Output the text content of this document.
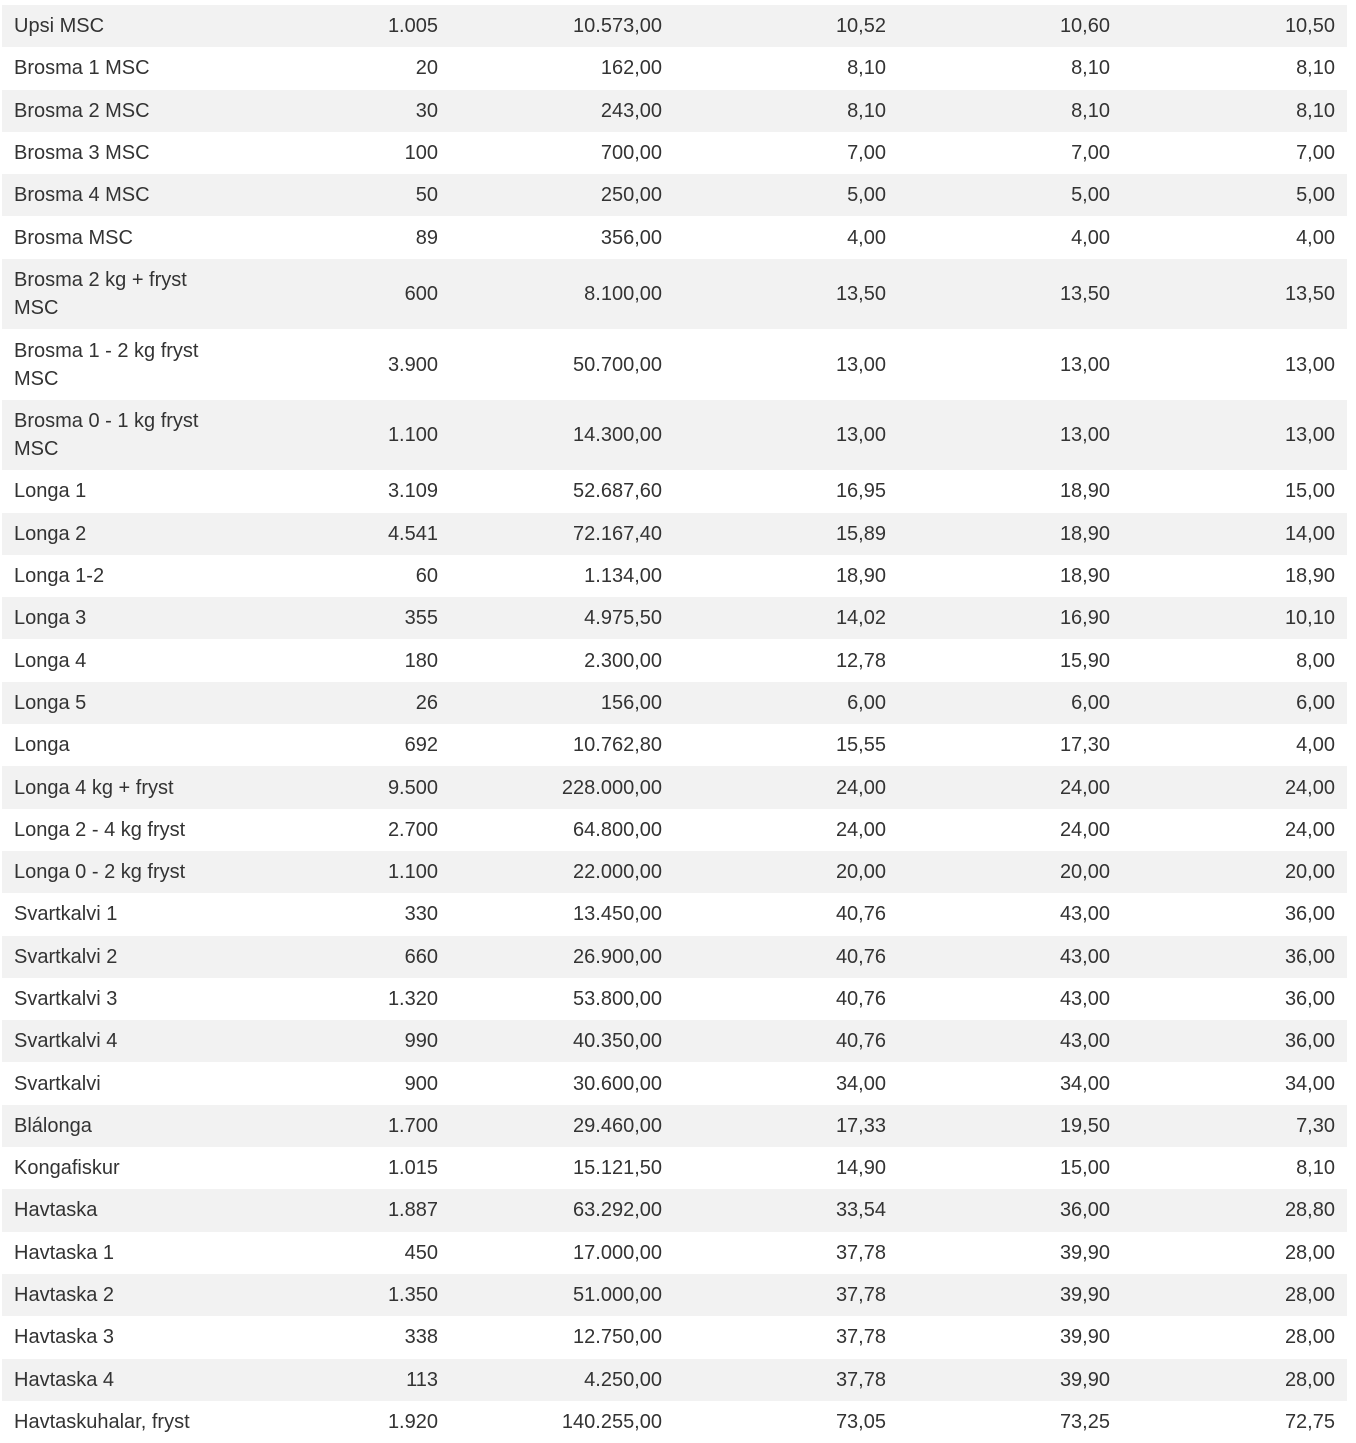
Upsi MSC	1.005	10.573,00	10,52	10,60	10,50
Brosma 1 MSC	20	162,00	8,10	8,10	8,10
Brosma 2 MSC	30	243,00	8,10	8,10	8,10
Brosma 3 MSC	100	700,00	7,00	7,00	7,00
Brosma 4 MSC	50	250,00	5,00	5,00	5,00
Brosma MSC	89	356,00	4,00	4,00	4,00
Brosma 2 kg + fryst MSC	600	8.100,00	13,50	13,50	13,50
Brosma 1 - 2 kg fryst MSC	3.900	50.700,00	13,00	13,00	13,00
Brosma 0 - 1 kg fryst MSC	1.100	14.300,00	13,00	13,00	13,00
Longa 1	3.109	52.687,60	16,95	18,90	15,00
Longa 2	4.541	72.167,40	15,89	18,90	14,00
Longa 1-2	60	1.134,00	18,90	18,90	18,90
Longa 3	355	4.975,50	14,02	16,90	10,10
Longa 4	180	2.300,00	12,78	15,90	8,00
Longa 5	26	156,00	6,00	6,00	6,00
Longa	692	10.762,80	15,55	17,30	4,00
Longa 4 kg + fryst	9.500	228.000,00	24,00	24,00	24,00
Longa 2 - 4 kg fryst	2.700	64.800,00	24,00	24,00	24,00
Longa 0 - 2 kg fryst	1.100	22.000,00	20,00	20,00	20,00
Svartkalvi 1	330	13.450,00	40,76	43,00	36,00
Svartkalvi 2	660	26.900,00	40,76	43,00	36,00
Svartkalvi 3	1.320	53.800,00	40,76	43,00	36,00
Svartkalvi 4	990	40.350,00	40,76	43,00	36,00
Svartkalvi	900	30.600,00	34,00	34,00	34,00
Blálonga	1.700	29.460,00	17,33	19,50	7,30
Kongafiskur	1.015	15.121,50	14,90	15,00	8,10
Havtaska	1.887	63.292,00	33,54	36,00	28,80
Havtaska 1	450	17.000,00	37,78	39,90	28,00
Havtaska 2	1.350	51.000,00	37,78	39,90	28,00
Havtaska 3	338	12.750,00	37,78	39,90	28,00
Havtaska 4	113	4.250,00	37,78	39,90	28,00
Havtaskuhalar, fryst	1.920	140.255,00	73,05	73,25	72,75
